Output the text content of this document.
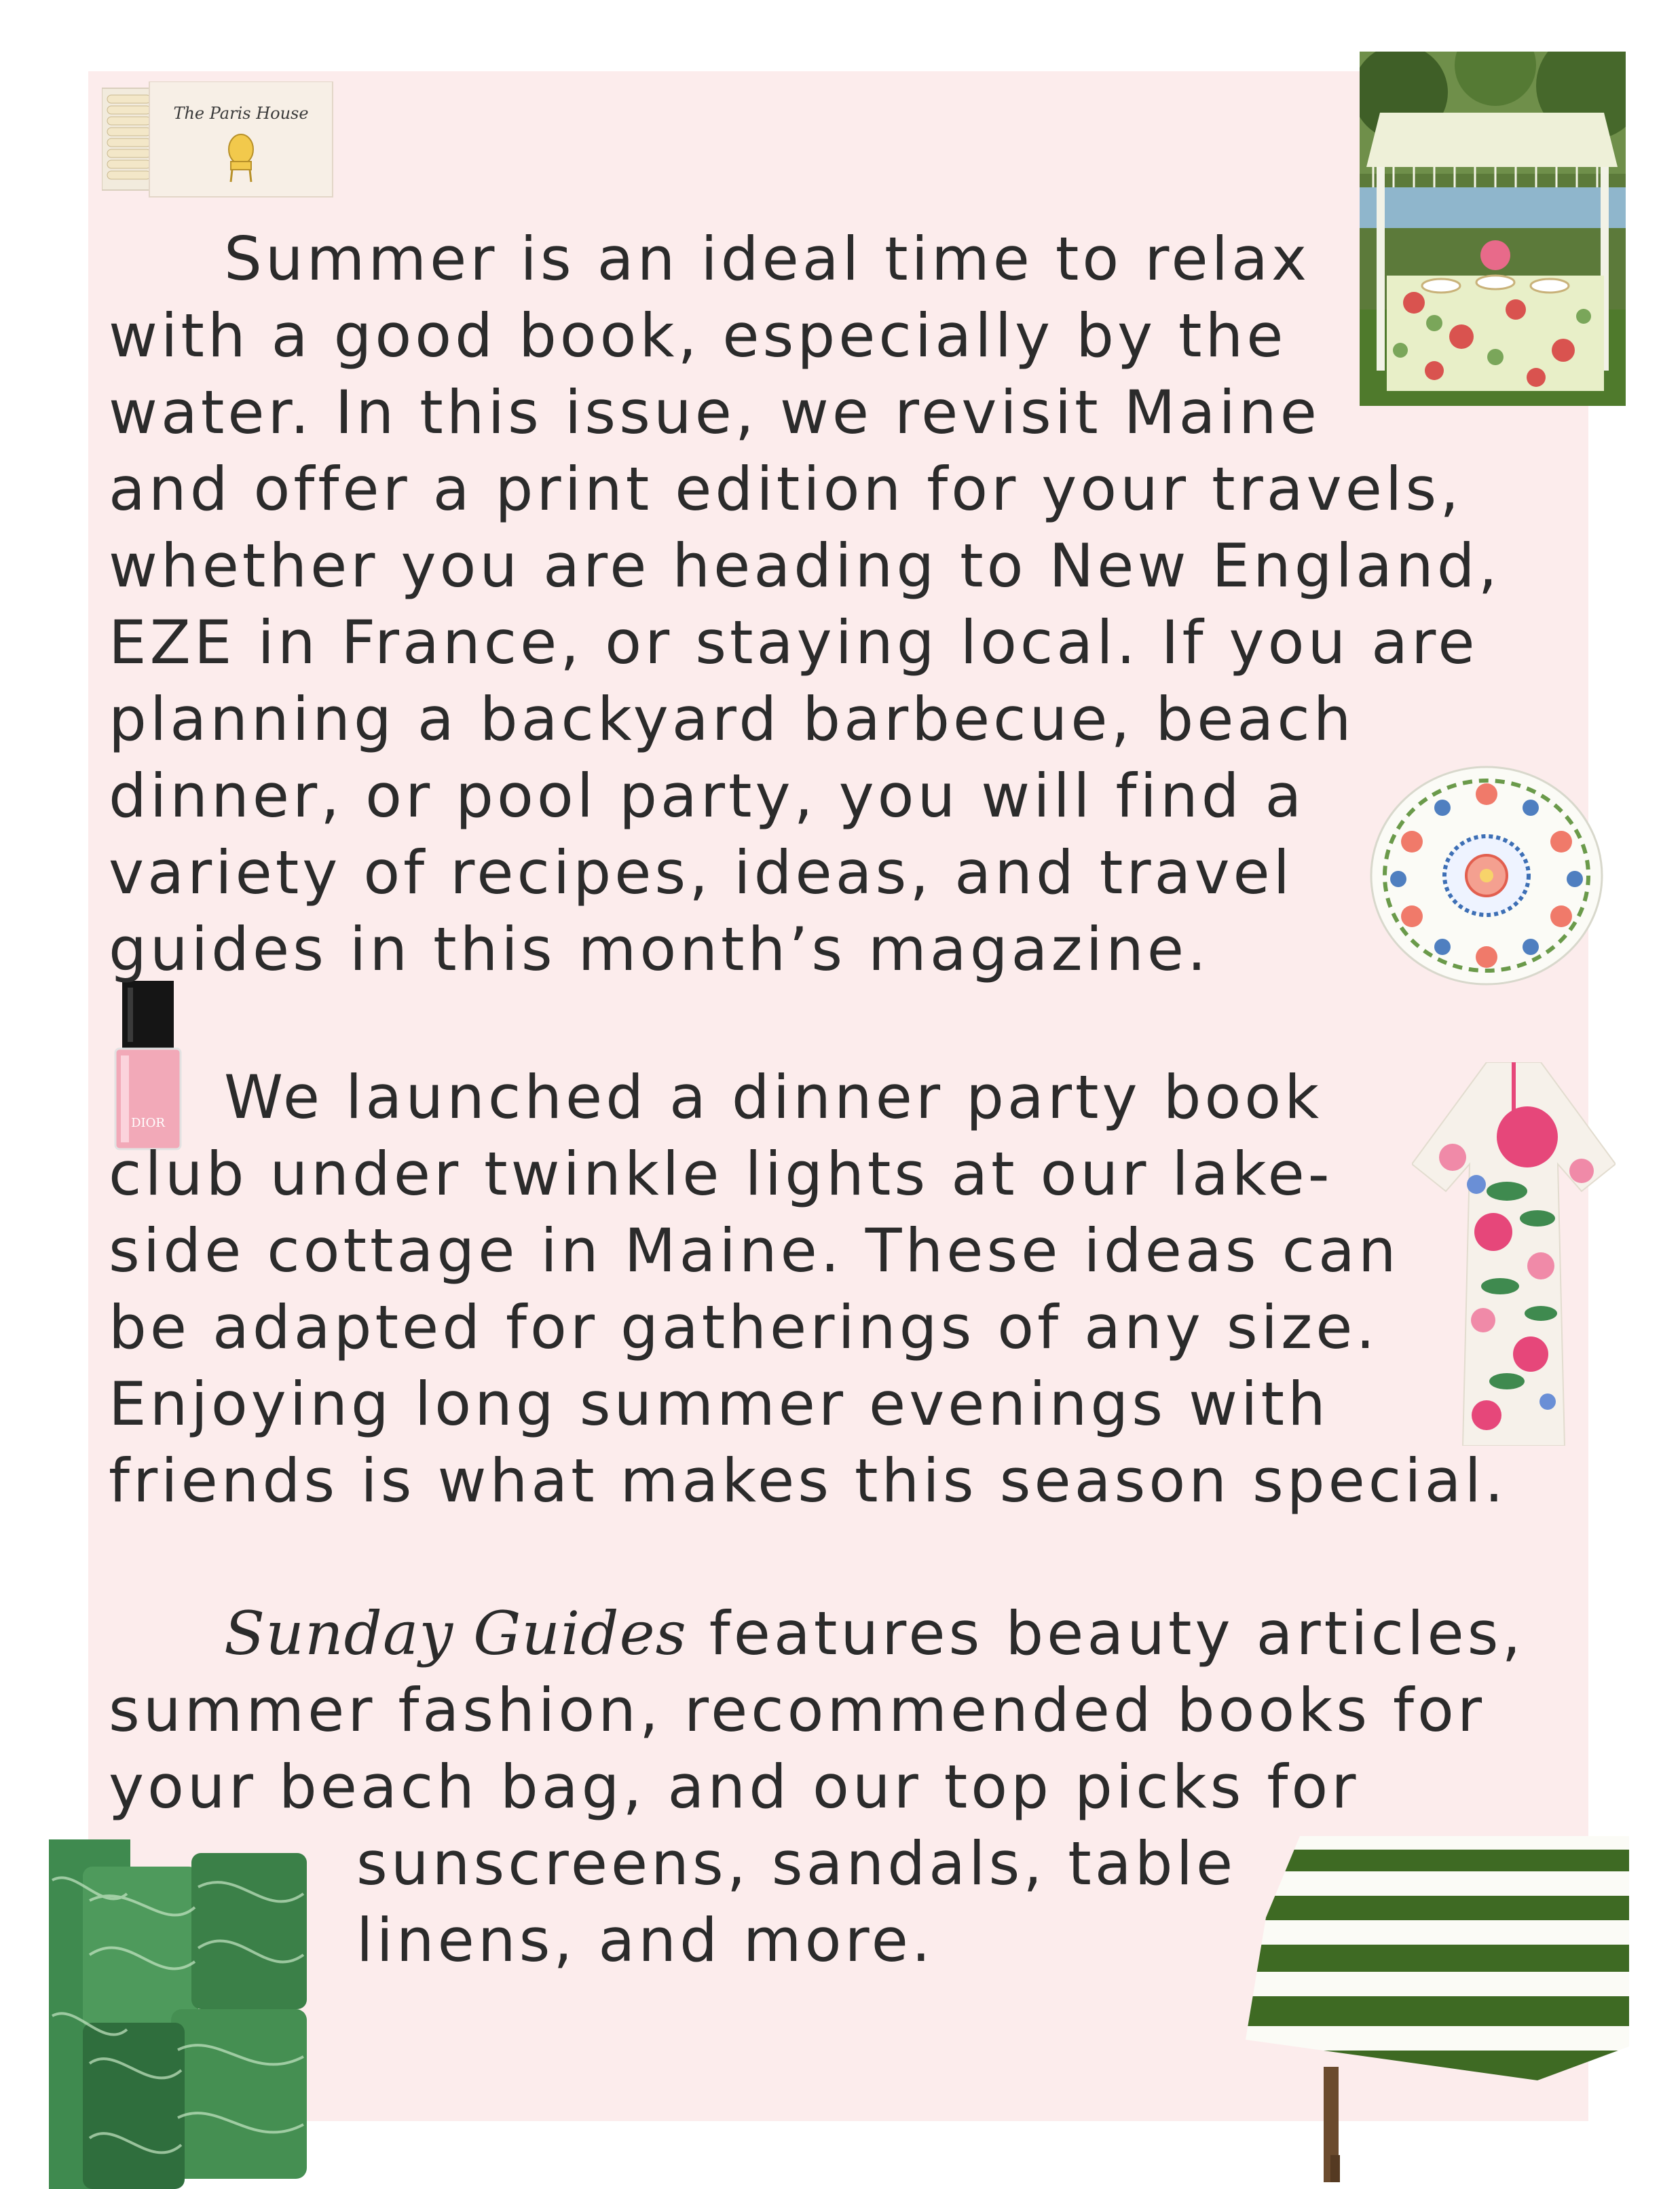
The Paris House
DIOR
Summer is an ideal time to relax
with a good book, especially by the
water. In this issue, we revisit Maine
and offer a print edition for your travels,
whether you are heading to New England,
EZE in France, or staying local. If you are
planning a backyard barbecue, beach
dinner, or pool party, you will find a
variety of recipes, ideas, and travel
guides in this month’s magazine.
We launched a dinner party book
club under twinkle lights at our lake-
side cottage in Maine. These ideas can
be adapted for gatherings of any size.
Enjoying long summer evenings with
friends is what makes this season special.
Sunday Guides features beauty articles,
summer fashion, recommended books for
your beach bag, and our top picks for
sunscreens, sandals, table
linens, and more.
